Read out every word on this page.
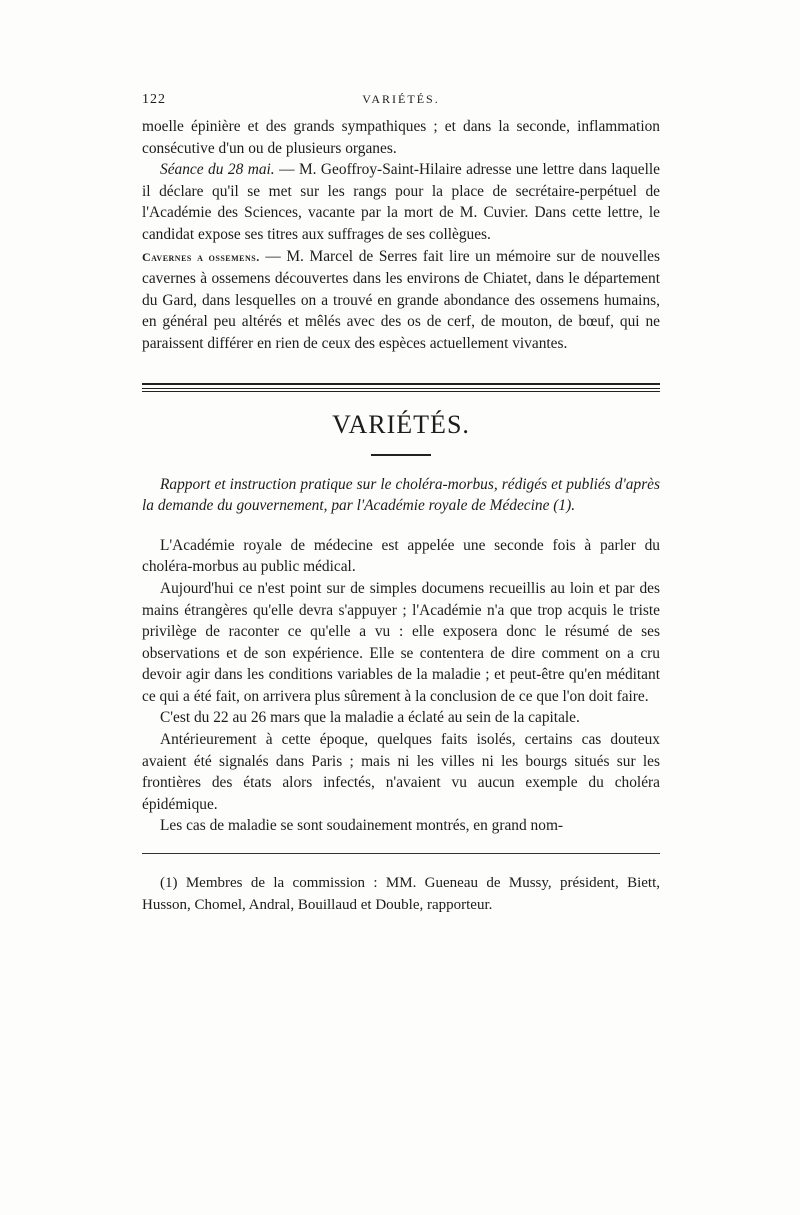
122	VARIÉTÉS.

moelle épinière et des grands sympathiques ; et dans la seconde, inflammation consécutive d'un ou de plusieurs organes.

Séance du 28 mai. — M. Geoffroy-Saint-Hilaire adresse une lettre dans laquelle il déclare qu'il se met sur les rangs pour la place de secrétaire-perpétuel de l'Académie des Sciences, vacante par la mort de M. Cuvier. Dans cette lettre, le candidat expose ses titres aux suffrages de ses collègues.

Cavernes a ossemens. — M. Marcel de Serres fait lire un mémoire sur de nouvelles cavernes à ossemens découvertes dans les environs de Chiatet, dans le département du Gard, dans lesquelles on a trouvé en grande abondance des ossemens humains, en général peu altérés et mêlés avec des os de cerf, de mouton, de bœuf, qui ne paraissent différer en rien de ceux des espèces actuellement vivantes.

VARIÉTÉS.

Rapport et instruction pratique sur le choléra-morbus, rédigés et publiés d'après la demande du gouvernement, par l'Académie royale de Médecine (1).

L'Académie royale de médecine est appelée une seconde fois à parler du choléra-morbus au public médical.

Aujourd'hui ce n'est point sur de simples documens recueillis au loin et par des mains étrangères qu'elle devra s'appuyer ; l'Académie n'a que trop acquis le triste privilège de raconter ce qu'elle a vu : elle exposera donc le résumé de ses observations et de son expérience. Elle se contentera de dire comment on a cru devoir agir dans les conditions variables de la maladie ; et peut-être qu'en méditant ce qui a été fait, on arrivera plus sûrement à la conclusion de ce que l'on doit faire.

C'est du 22 au 26 mars que la maladie a éclaté au sein de la capitale.

Antérieurement à cette époque, quelques faits isolés, certains cas douteux avaient été signalés dans Paris ; mais ni les villes ni les bourgs situés sur les frontières des états alors infectés, n'avaient vu aucun exemple du choléra épidémique.

Les cas de maladie se sont soudainement montrés, en grand nom-

(1) Membres de la commission : MM. Gueneau de Mussy, président, Biett, Husson, Chomel, Andral, Bouillaud et Double, rapporteur.
